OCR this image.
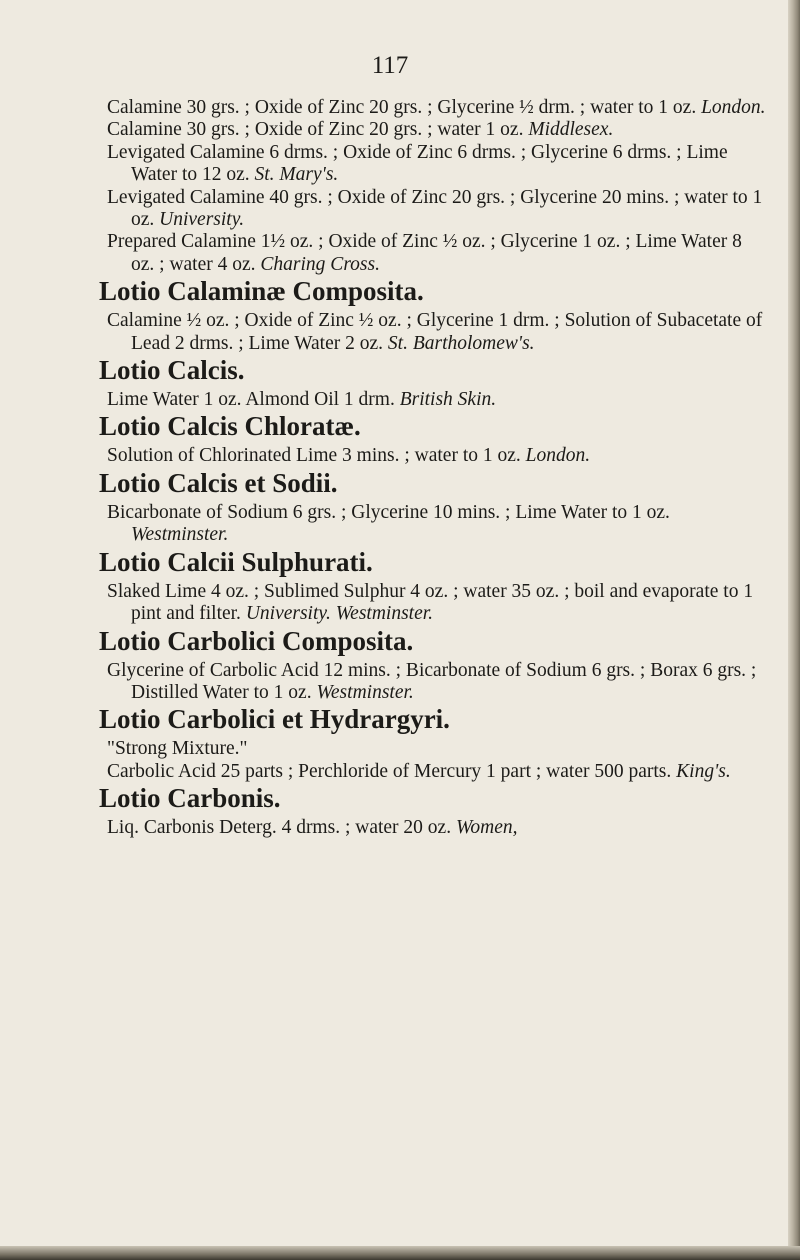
117

Calamine 30 grs. ; Oxide of Zinc 20 grs. ; Glycerine ½ drm. ; water to 1 oz. London.

Calamine 30 grs. ; Oxide of Zinc 20 grs. ; water 1 oz. Middlesex.

Levigated Calamine 6 drms. ; Oxide of Zinc 6 drms. ; Glycerine 6 drms. ; Lime Water to 12 oz. St. Mary's.

Levigated Calamine 40 grs. ; Oxide of Zinc 20 grs. ; Glycerine 20 mins. ; water to 1 oz. University.

Prepared Calamine 1½ oz. ; Oxide of Zinc ½ oz. ; Glycerine 1 oz. ; Lime Water 8 oz. ; water 4 oz. Charing Cross.

Lotio Calaminæ Composita.

Calamine ½ oz. ; Oxide of Zinc ½ oz. ; Glycerine 1 drm. ; Solution of Subacetate of Lead 2 drms. ; Lime Water 2 oz. St. Bartholomew's.

Lotio Calcis.

Lime Water 1 oz. Almond Oil 1 drm. British Skin.

Lotio Calcis Chloratæ.

Solution of Chlorinated Lime 3 mins. ; water to 1 oz. London.

Lotio Calcis et Sodii.

Bicarbonate of Sodium 6 grs. ; Glycerine 10 mins. ; Lime Water to 1 oz. Westminster.

Lotio Calcii Sulphurati.

Slaked Lime 4 oz. ; Sublimed Sulphur 4 oz. ; water 35 oz. ; boil and evaporate to 1 pint and filter. University. Westminster.

Lotio Carbolici Composita.

Glycerine of Carbolic Acid 12 mins. ; Bicarbonate of Sodium 6 grs. ; Borax 6 grs. ; Distilled Water to 1 oz. Westminster.

Lotio Carbolici et Hydrargyri.

"Strong Mixture."

Carbolic Acid 25 parts ; Perchloride of Mercury 1 part ; water 500 parts. King's.

Lotio Carbonis.

Liq. Carbonis Deterg. 4 drms. ; water 20 oz. Women,
